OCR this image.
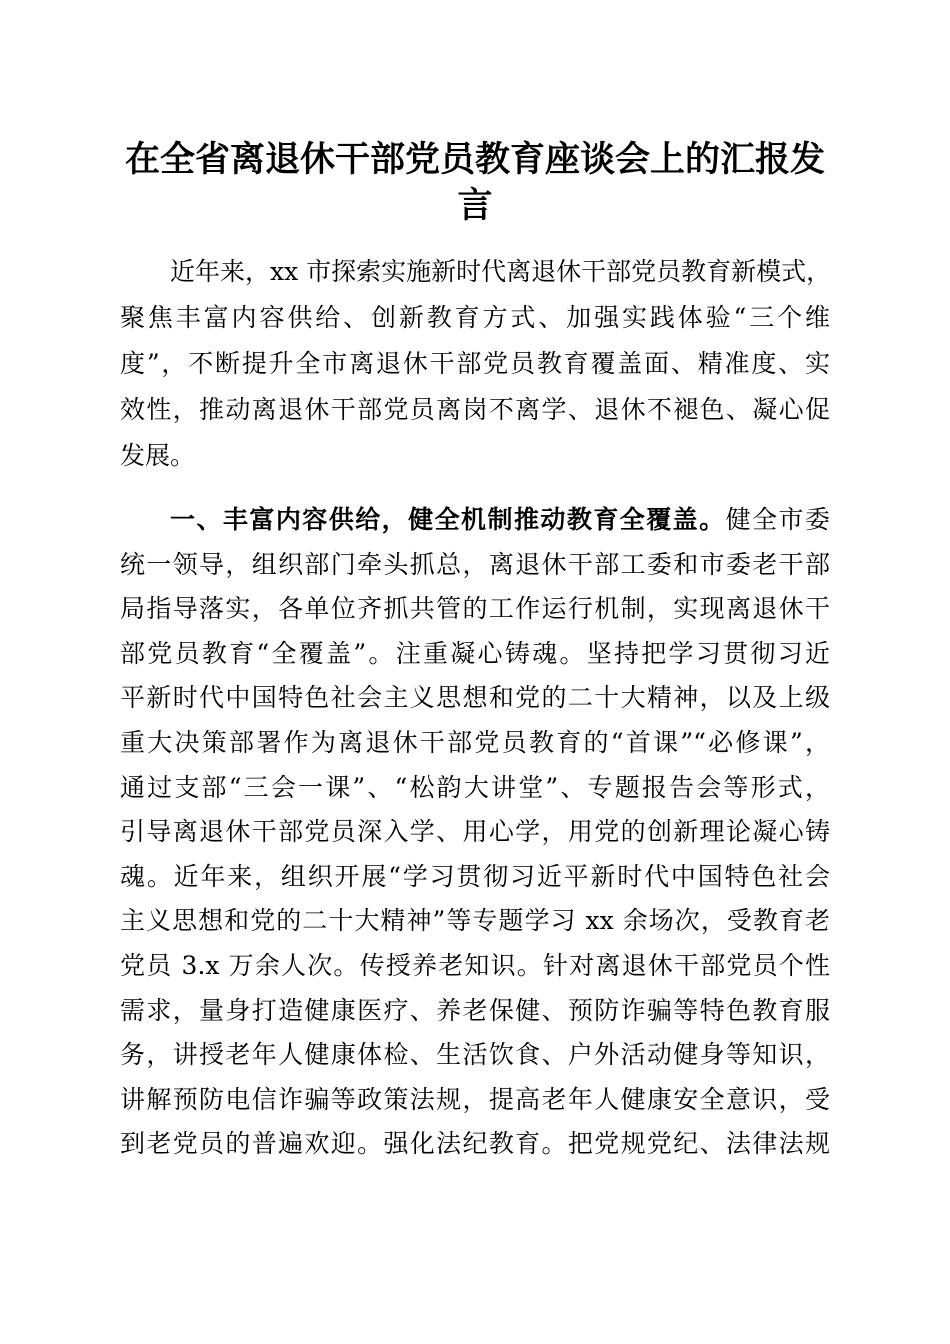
在全省离退休干部党员教育座谈会上的汇报发
言
近年来，xx 市探索实施新时代离退休干部党员教育新模式，
聚焦丰富内容供给、创新教育方式、加强实践体验“三个维
度”，不断提升全市离退休干部党员教育覆盖面、精准度、实
效性，推动离退休干部党员离岗不离学、退休不褪色、凝心促
发展。
一、丰富内容供给，健全机制推动教育全覆盖。健全市委
统一领导，组织部门牵头抓总，离退休干部工委和市委老干部
局指导落实，各单位齐抓共管的工作运行机制，实现离退休干
部党员教育“全覆盖”。注重凝心铸魂。坚持把学习贯彻习近
平新时代中国特色社会主义思想和党的二十大精神，以及上级
重大决策部署作为离退休干部党员教育的“首课”“必修课”，
通过支部“三会一课”、“松韵大讲堂”、专题报告会等形式，
引导离退休干部党员深入学、用心学，用党的创新理论凝心铸
魂。近年来，组织开展“学习贯彻习近平新时代中国特色社会
主义思想和党的二十大精神”等专题学习 xx 余场次，受教育老
党员 3.x 万余人次。传授养老知识。针对离退休干部党员个性
需求，量身打造健康医疗、养老保健、预防诈骗等特色教育服
务，讲授老年人健康体检、生活饮食、户外活动健身等知识，
讲解预防电信诈骗等政策法规，提高老年人健康安全意识，受
到老党员的普遍欢迎。强化法纪教育。把党规党纪、法律法规
